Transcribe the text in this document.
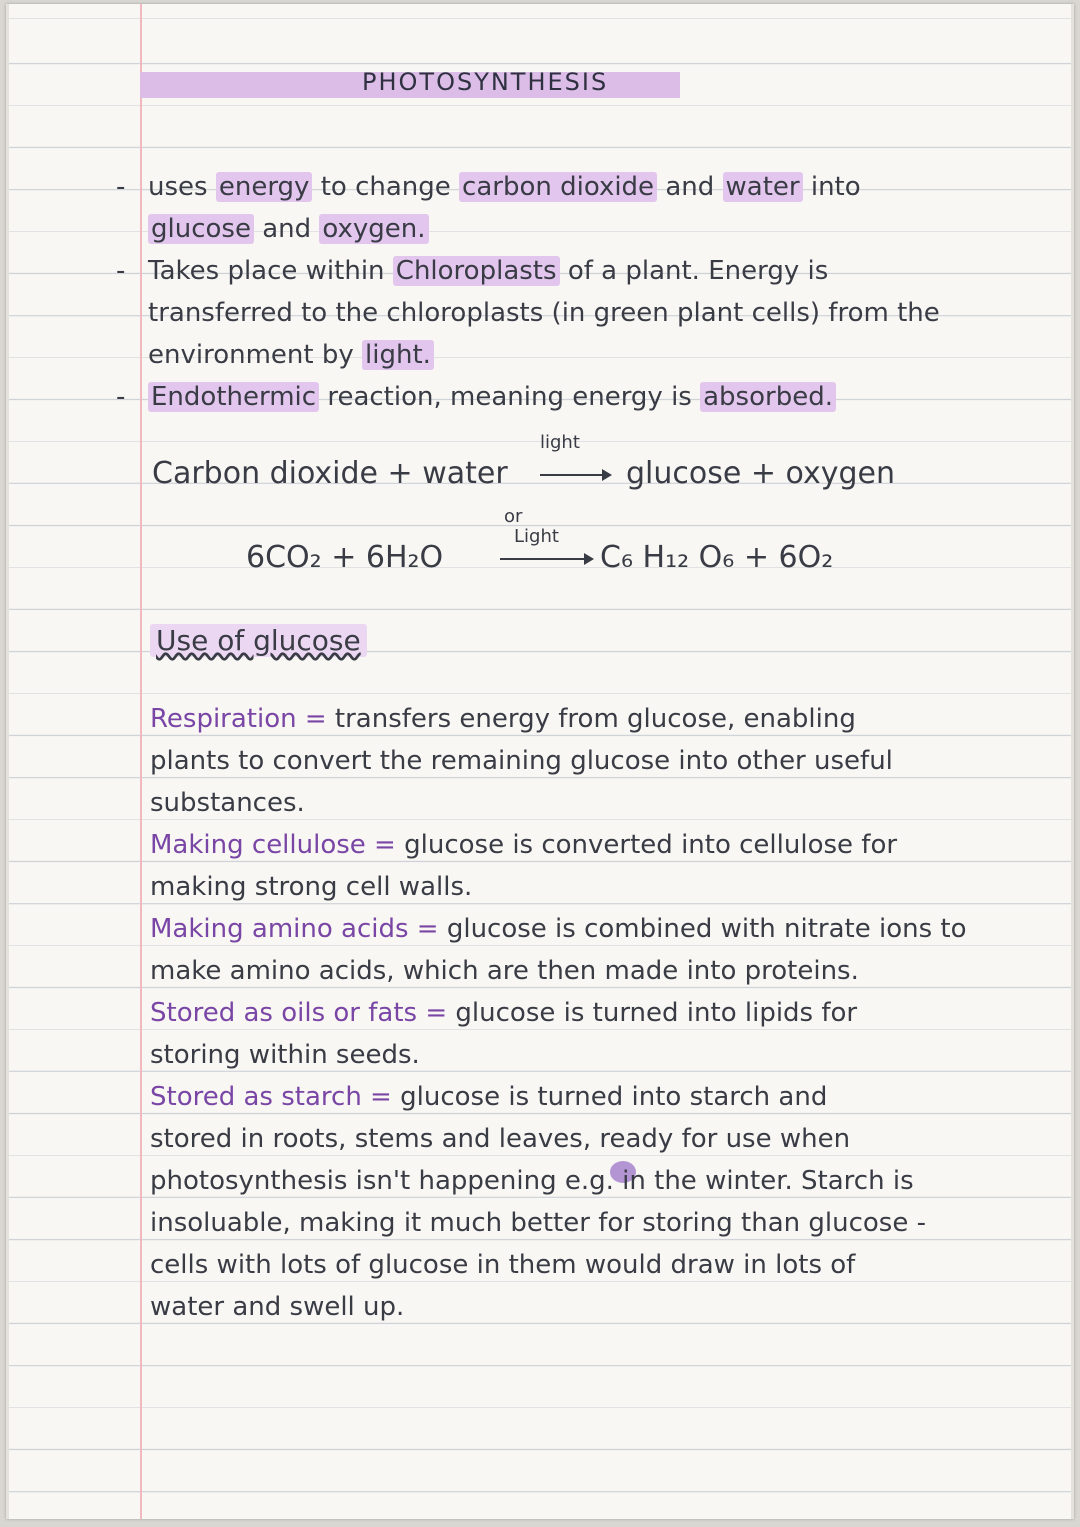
PHOTOSYNTHESIS
- uses energy to change carbon dioxide and water into
glucose and oxygen.
- Takes place within Chloroplasts of a plant. Energy is
transferred to the chloroplasts (in green plant cells) from the
environment by light.
- Endothermic reaction, meaning energy is absorbed.
Carbon dioxide + water
light
glucose + oxygen
or
6CO₂ + 6H₂O
Light
C₆ H₁₂ O₆ + 6O₂
Use of glucose
Respiration = transfers energy from glucose, enabling
plants to convert the remaining glucose into other useful
substances.
Making cellulose = glucose is converted into cellulose for
making strong cell walls.
Making amino acids = glucose is combined with nitrate ions to
make amino acids, which are then made into proteins.
Stored as oils or fats = glucose is turned into lipids for
storing within seeds.
Stored as starch = glucose is turned into starch and
stored in roots, stems and leaves, ready for use when
photosynthesis isn't happening e.g. in the winter. Starch is
insoluable, making it much better for storing than glucose -
cells with lots of glucose in them would draw in lots of
water and swell up.
